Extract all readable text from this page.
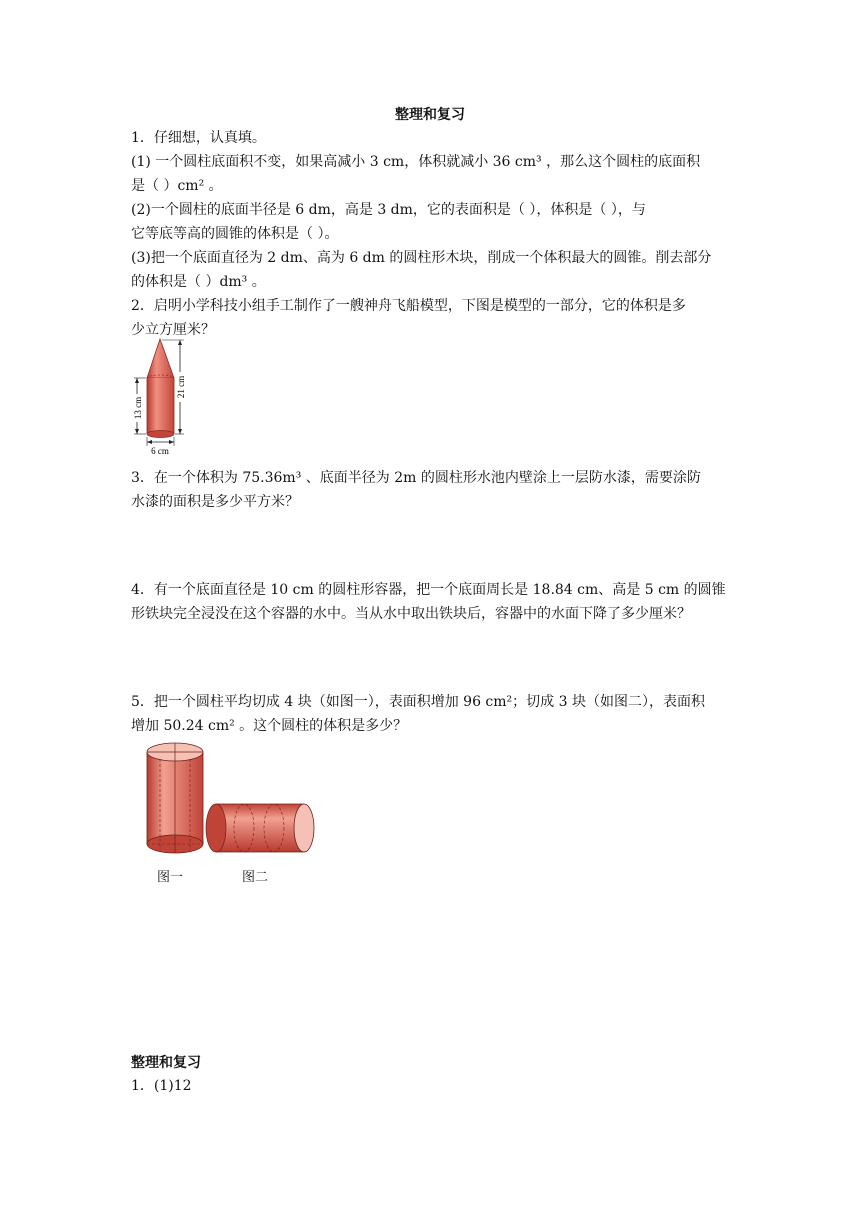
整理和复习
1．仔细想，认真填。
(1) 一个圆柱底面积不变，如果高减小 3 cm，体积就减小 36 cm³ ，那么这个圆柱的底面积
是（ ）cm² 。
(2)一个圆柱的底面半径是 6 dm，高是 3 dm，它的表面积是（ ），体积是（ ），与
它等底等高的圆锥的体积是（ ）。
(3)把一个底面直径为 2 dm、高为 6 dm 的圆柱形木块，削成一个体积最大的圆锥。削去部分
的体积是（ ）dm³ 。
2．启明小学科技小组手工制作了一艘神舟飞船模型，下图是模型的一部分，它的体积是多
少立方厘米？
13 cm
21 cm
6 cm
3．在一个体积为 75.36m³ 、底面半径为 2m 的圆柱形水池内壁涂上一层防水漆，需要涂防
水漆的面积是多少平方米？
4．有一个底面直径是 10 cm 的圆柱形容器，把一个底面周长是 18.84 cm、高是 5 cm 的圆锥
形铁块完全浸没在这个容器的水中。当从水中取出铁块后，容器中的水面下降了多少厘米？
5．把一个圆柱平均切成 4 块（如图一），表面积增加 96 cm²；切成 3 块（如图二），表面积
增加 50.24 cm² 。这个圆柱的体积是多少？
图一	图二
整理和复习
1．(1)12
